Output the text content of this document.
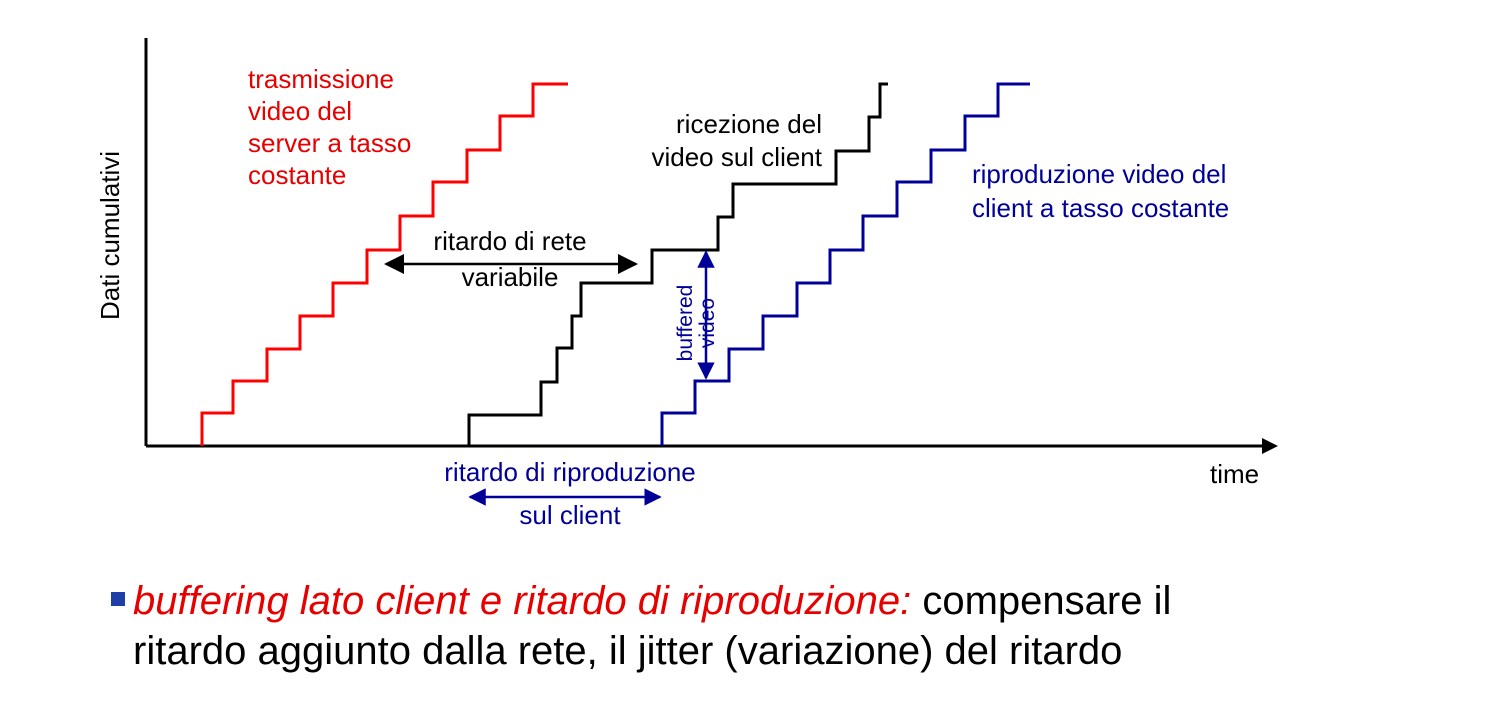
Dati cumulativi
trasmissione
video del
server a tasso
costante
ricezione del
video sul client
riproduzione video del
client a tasso costante
ritardo di rete
variabile
buffered video
ritardo di riproduzione
sul client
time
buffering lato client e ritardo di riproduzione: compensare il
ritardo aggiunto dalla rete, il jitter (variazione) del ritardo
